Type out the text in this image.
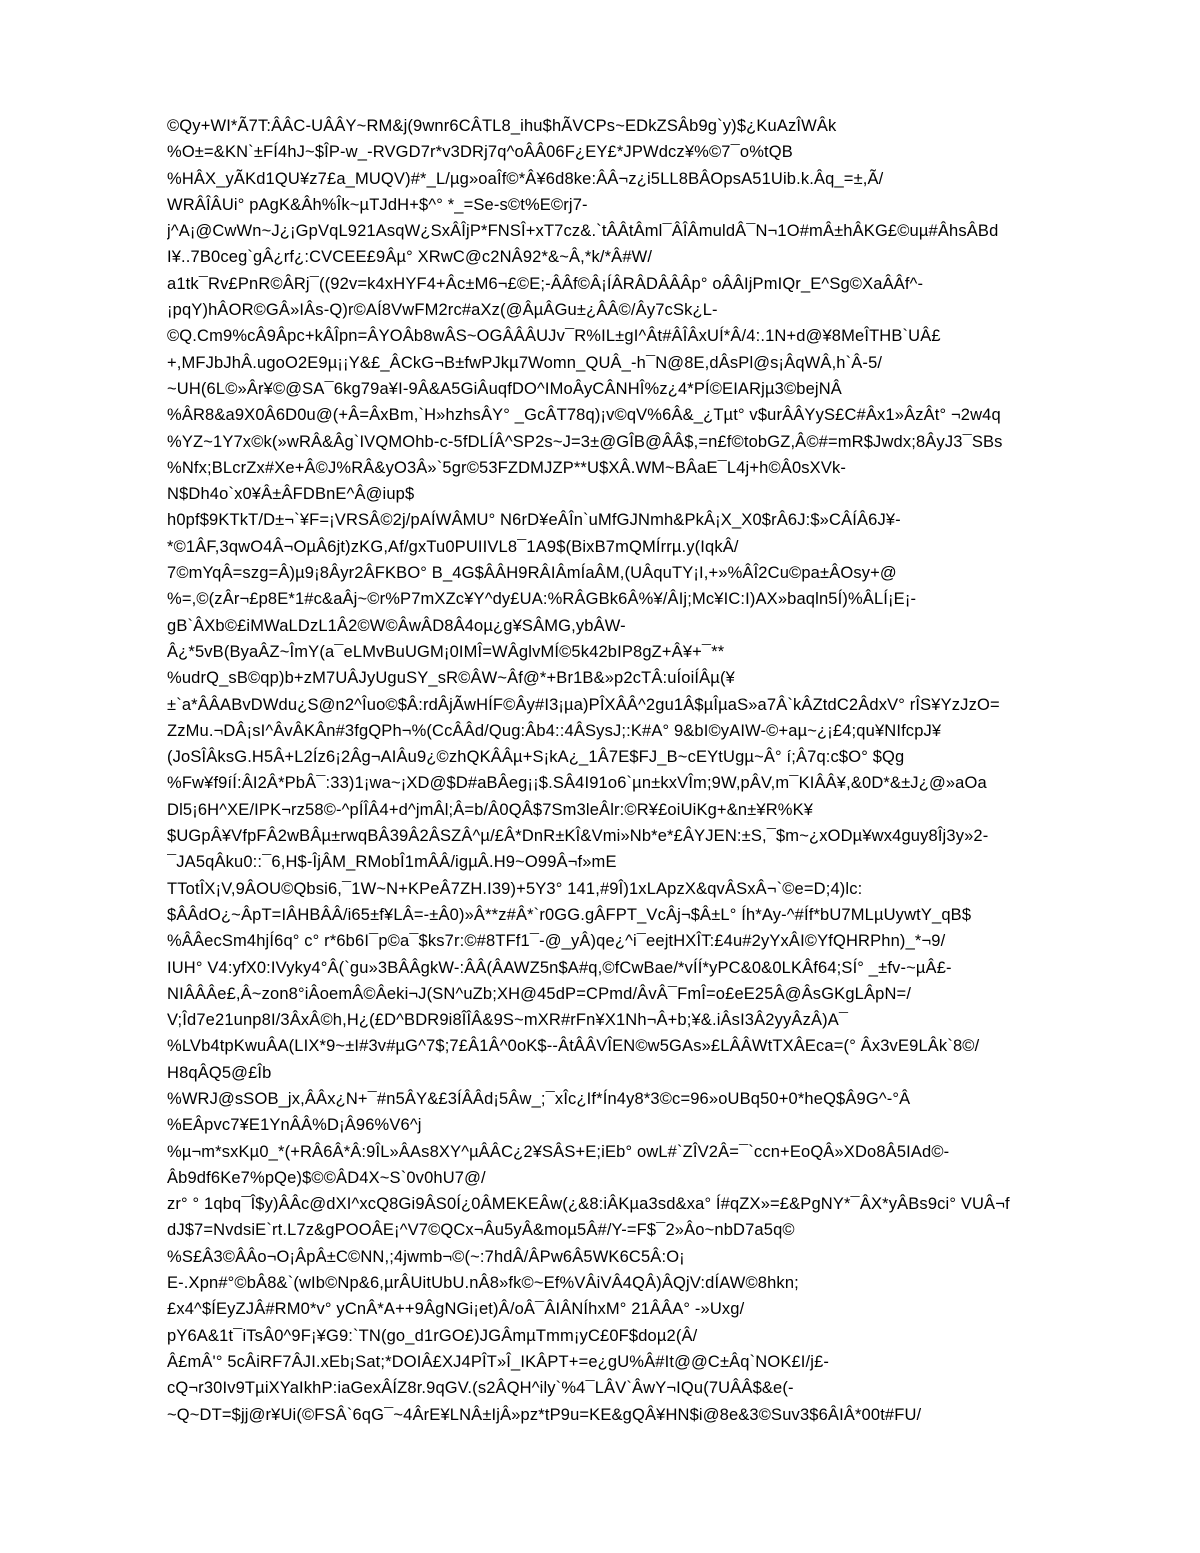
©Qy+WI*Ã7T:ÂÂC-UÂÂY~RM&j(9wnr6CÂTL8_ihu$hÃVCPs~EDkZSÂb9g`y)$¿KuAzÎWÂk
%O±=&KN`±FÍ4hJ~$ÎP-w_-RVGD7r*v3DRj7q^oÂÂ06F¿EY£*JPWdcz¥%©7¯o%tQB
%HÂX_yÃKd1QU¥z7£a_MUQV)#*_L/µg»oaÎf©*Â¥6d8ke:ÂÂ¬z¿i5LL8BÂOpsA51Uib.k.Âq_=±,Ã/
WRÂÎÂUi° pAgK&Âh%Îk~µTJdH+$^° *_=Se-s©t%E©rj7-
j^A¡@CwWn~J¿¡GpVqL921AsqW¿SxÂÎjP*FNSÎ+xT7cz&.`tÂÂtÂml¯ÂÎÂmuldÂ¯N¬1O#mÂ±hÂKG£©uµ#ÂhsÂBd
I¥..7B0ceg`gÂ¿rf¿:CVCEE£9Âµ° XRwC@c2NÂ92*&~Â,*k/*Â#W/
a1tk¯Rv£PnR©ÂRj¯((92v=k4xHYF4+Âc±M6¬£©E;-ÂÂf©Â¡ÍÂRÂDÂÂÂp° oÂÂIjPmIQr_E^Sg©XaÂÂf^-
¡pqY)hÂOR©GÂ»IÂs-Q)r©AÍ8VwFM2rc#aXz(@ÂµÂGu±¿ÂÂ©/Ây7cSk¿L-
©Q.Cm9%cÂ9Âpc+kÂÎpn=ÂYOÂb8wÂS~OGÂÂÂUJv¯R%IL±gI^Ât#ÂÎÂxUÍ*Â/4:.1N+d@¥8MeÎTHB`UÂ£
+,MFJbJhÂ.ugoO2E9µ¡¡Y&£_ÂCkG¬B±fwPJkµ7Womn_QUÂ_-h¯N@8E,dÂsPl@s¡ÂqWÂ,h`Â-5/
~UH(6L©»Âr¥©@SA¯6kg79a¥I-9Â&A5GiÂuqfDO^IMoÂyCÂNHÎ%z¿4*PÍ©EIARjµ3©bejNÂ
%ÂR8&a9X0Â6D0u@(+Â=ÂxBm,`H»hzhsÂY° _GcÂT78q)¡v©qV%6Â&_¿Tµt° v$urÂÂYyS£C#Âx1»ÂzÂt° ¬2w4q
%YZ~1Y7x©k(»wRÂ&Âg`IVQMOhb-c-5fDLÍÂ^SP2s~J=3±@GÎB@ÂÂ$,=n£f©tobGZ,Â©#=mR$Jwdx;8ÂyJ3¯SBs
%Nfx;BLcrZx#Xe+Â©J%RÂ&yO3Â»`5gr©53FZDMJZP**U$XÂ.WM~BÂaE¯L4j+h©Â0sXVk-
N$Dh4o`x0¥Â±ÂFDBnE^Â@iup$
h0pf$9KTkT/D±¬`¥F=¡VRSÂ©2j/pAÍWÂMU° N6rD¥eÂÎn`uMfGJNmh&PkÂ¡X_X0$rÂ6J:$»CÂÍÂ6J¥-
*©1ÂF,3qwO4Â¬OµÂ6jt)zKG,Af/gxTu0PUIIVL8¯1A9$(BixB7mQMÍrrµ.y(IqkÂ/
7©mYqÂ=szg=Â)µ9¡8Âyr2ÂFKBO° B_4G$ÂÂH9RÂIÂmÍaÂM,(UÂquTY¡I,+»%ÂÎ2Cu©pa±ÂOsy+@
%=,©(zÂr¬£p8E*1#c&aÂj~©r%P7mXZc¥Y^dy£UA:%RÂGBk6Â%¥/ÂIj;Mc¥IC:I)AX»baqln5Í)%ÂLÍ¡E¡-
gB`ÂXb©£iMWaLDzL1Â2©W©ÂwÂD8Â4oµ¿g¥SÂMG,ybÂW-
Â¿*5vB(ByaÂZ~ÎmY(a¯eLMvBuUGM¡0IMÎ=WÂglvMÍ©5k42bIP8gZ+Â¥+¯**
%udrQ_sB©qp)b+zM7UÂJyUguSY_sR©ÂW~Âf@*+Br1B&»p2cTÂ:uÍoiÍÂµ(¥
±`a*ÂÂABvDWdu¿S@n2^Îuo©$Â:rdÂjÃwHÍF©Ây#I3¡µa)PÎXÂÂ^2gu1Â$µÎµaS»a7Â`kÂZtdC2ÂdxV° rÎS¥YzJzO=
ZzMu.¬DÂ¡sI^ÂvÂKÂn#3fgQPh¬%(CcÂÂd/Qug:Âb4::4ÂSysJ;:K#A° 9&bI©yAIW-©+aµ~¿¡£4;qu¥NIfcpJ¥
(JoSÎÂksG.H5Â+L2Íz6¡2Âg¬AIÂu9¿©zhQKÂÂµ+S¡kA¿_1Â7E$FJ_B~cEYtUgµ~Â° í;Â7q:c$O° $Qg
%Fw¥f9íÍ:ÂI2Â*PbÂ¯:33)1¡wa~¡XD@$D#aBÂeg¡¡$.SÂ4I91o6`µn±kxVÎm;9W,pÂV,m¯KIÂÂ¥,&0D*&±J¿@»aOa
Dl5¡6H^XE/IPK¬rz58©-^pÍÎÂ4+d^jmÂl;Â=b/Â0QÂ$7Sm3leÂlr:©R¥£oiUiKg+&n±¥R%K¥
$UGpÂ¥VfpFÂ2wBÂµ±rwqBÂ39Â2ÂSZÂ^µ/£Â*DnR±KÎ&Vmi»Nb*e*£ÂYJEN:±S,¯$m~¿xODµ¥wx4guy8Îj3y»2-
¯JA5qÂku0::¯6,H$-ÎjÂM_RMobÎ1mÂÂ/igµÂ.H9~O99Â¬f»mE
TTotÎX¡V,9ÂOU©Qbsi6,¯1W~N+KPeÂ7ZH.I39)+5Y3° 141,#9Î)1xLApzX&qvÂSxÂ¬`©e=D;4)lc:
$ÂÂdO¿~ÂpT=IÂHBÂÂ/i65±f¥LÂ=-±Â0)»Â**z#Â*`r0GG.gÂFPT_VcÂj¬$Â±L° Íh*Ay-^#Íf*bU7MLµUywtY_qB$
%ÂÂecSm4hjÍ6q° c° r*6b6I¯p©a¯$ks7r:©#8TFf1¯-@_yÂ)qe¿^i¯eejtHXÎT:£4u#2yYxÂI©YfQHRPhn)_*¬9/
IUH° V4:yfX0:IVyky4°Â(`gu»3BÂÂgkW-:ÂÂ(ÂAWZ5n$A#q,©fCwBae/*vÍÍ*yPC&0&0LKÂf64;SÍ° _±fv-~µÂ£-
NIÂÂÂe£,Â~zon8°iÂoemÂ©Âeki¬J(SN^uZb;XH@45dP=CPmd/ÂvÂ¯FmÎ=o£eE25Â@ÂsGKgLÂpN=/
V;Îd7e21unp8I/3ÂxÂ©h,H¿(£D^BDR9i8ÎÎÂ&9S~mXR#rFn¥X1Nh¬Â+b;¥&.iÂsI3Â2yyÂzÂ)A¯
%LVb4tpKwuÂA(LIX*9~±I#3v#µG^7$;7£Â1Â^0oK$--ÂtÂÂVÎEN©w5GAs»£LÂÂWtTXÂEca=(° Âx3vE9LÂk`8©/
H8qÂQ5@£Îb
%WRJ@sSOB_jx,ÂÂx¿N+¯#n5ÂY&£3ÍÂÂd¡5Âw_;¯xÎc¿If*Ín4y8*3©c=96»oUBq50+0*heQ$Â9G^-°Â
%EÂpvc7¥E1YnÂÂ%D¡Â96%V6^j
%µ¬m*sxKµ0_*(+RÂ6Â*Â:9ÎL»ÂAs8XY^µÂÂC¿2¥SÂS+E;iEb° owL#`ZÎV2Â=¯`ccn+EoQÂ»XDo8Â5IAd©-
Âb9df6Ke7%pQe)$©©ÂD4X~S`0v0hU7@/
zr° ° 1qbq¯Î$y)ÂÂc@dXI^xcQ8Gi9ÂS0Í¿0ÂMEKEÂw(¿&8:iÂKµa3sd&xa° Í#qZX»=£&PgNY*¯ÂX*yÂBs9ci° VUÂ¬f
dJ$7=NvdsiE`rt.L7z&gPOOÂE¡^V7©QCx¬Âu5yÂ&moµ5Â#/Y-=F$¯2»Âo~nbD7a5q©
%S£Â3©ÂÂo¬O¡ÂpÂ±C©NN,;4jwmb¬©(~:7hdÂ/ÂPw6Â5WK6C5Â:O¡
E-.Xpn#°©bÂ8&`(wIb©Np&6,µrÂUitUbU.nÂ8»fk©~Ef%VÂiVÂ4QÂ)ÂQjV:dÍAW©8hkn;
£x4^$ÍEyZJÂ#RM0*v° yCnÂ*A++9ÂgNGi¡et)Â/oÂ¯ÂIÂNÍhxM° 21ÂÂA° -»Uxg/
pY6A&1t¯iTsÂ0^9F¡¥G9:`TN(go_d1rGO£)JGÂmµTmm¡yC£0F$doµ2(Â/
Â£mÂ'° 5cÂiRF7ÂJI.xEb¡Sat;*DOIÂ£XJ4PÎT»Î_IKÂPT+=e¿gU%Â#It@@C±Âq`NOK£I/j£-
cQ¬r30Iv9TµiXYaIkhP:iaGexÂÍZ8r.9qGV.(s2ÂQH^ily`%4¯LÂV`ÂwY¬IQu(7UÂÂ$&e(-
~Q~DT=$jj@r¥Ui(©FSÂ`6qG¯~4ÂrE¥LNÂ±IjÂ»pz*tP9u=KE&gQÂ¥HN$i@8e&3©Suv3$6ÂIÂ*00t#FU/
